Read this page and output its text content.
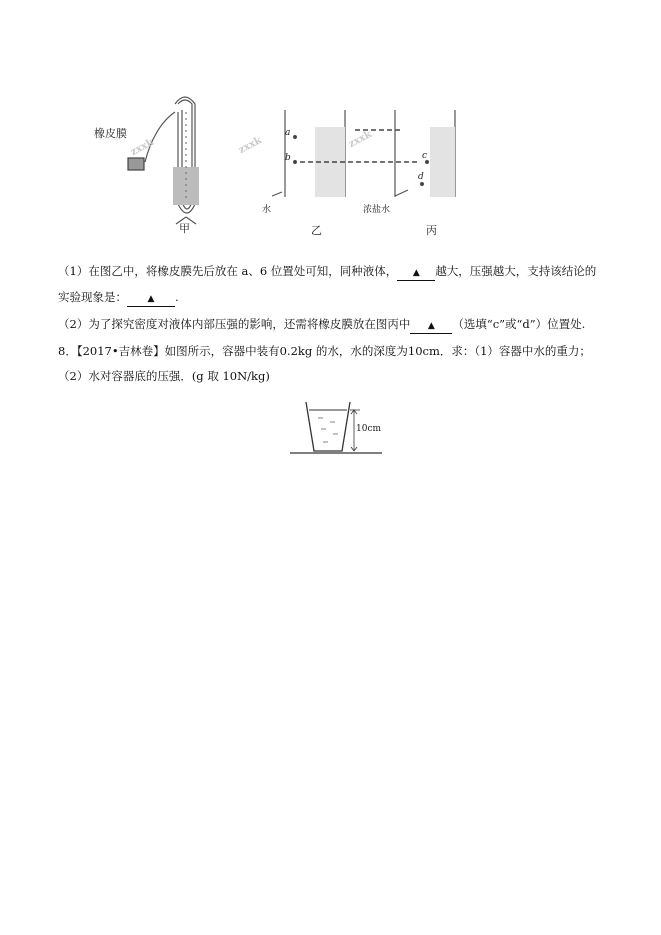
橡皮膜
甲	乙	丙
水	浓盐水
a
b	c
d
zxxk	zxxk	zxxk
（1）在图乙中，将橡皮膜先后放在 a、6 位置处可知，同种液体， ▲ 越大，压强越大，支持该结论的
实验现象是： ▲ .
（2）为了探究密度对液体内部压强的影响，还需将橡皮膜放在图丙中 ▲ （选填“c”或“d”）位置处.
8．【2017•吉林卷】如图所示，容器中装有0.2kg 的水，水的深度为10cm．求：（1）容器中水的重力；
（2）水对容器底的压强．(g 取 10N/kg)
10cm
